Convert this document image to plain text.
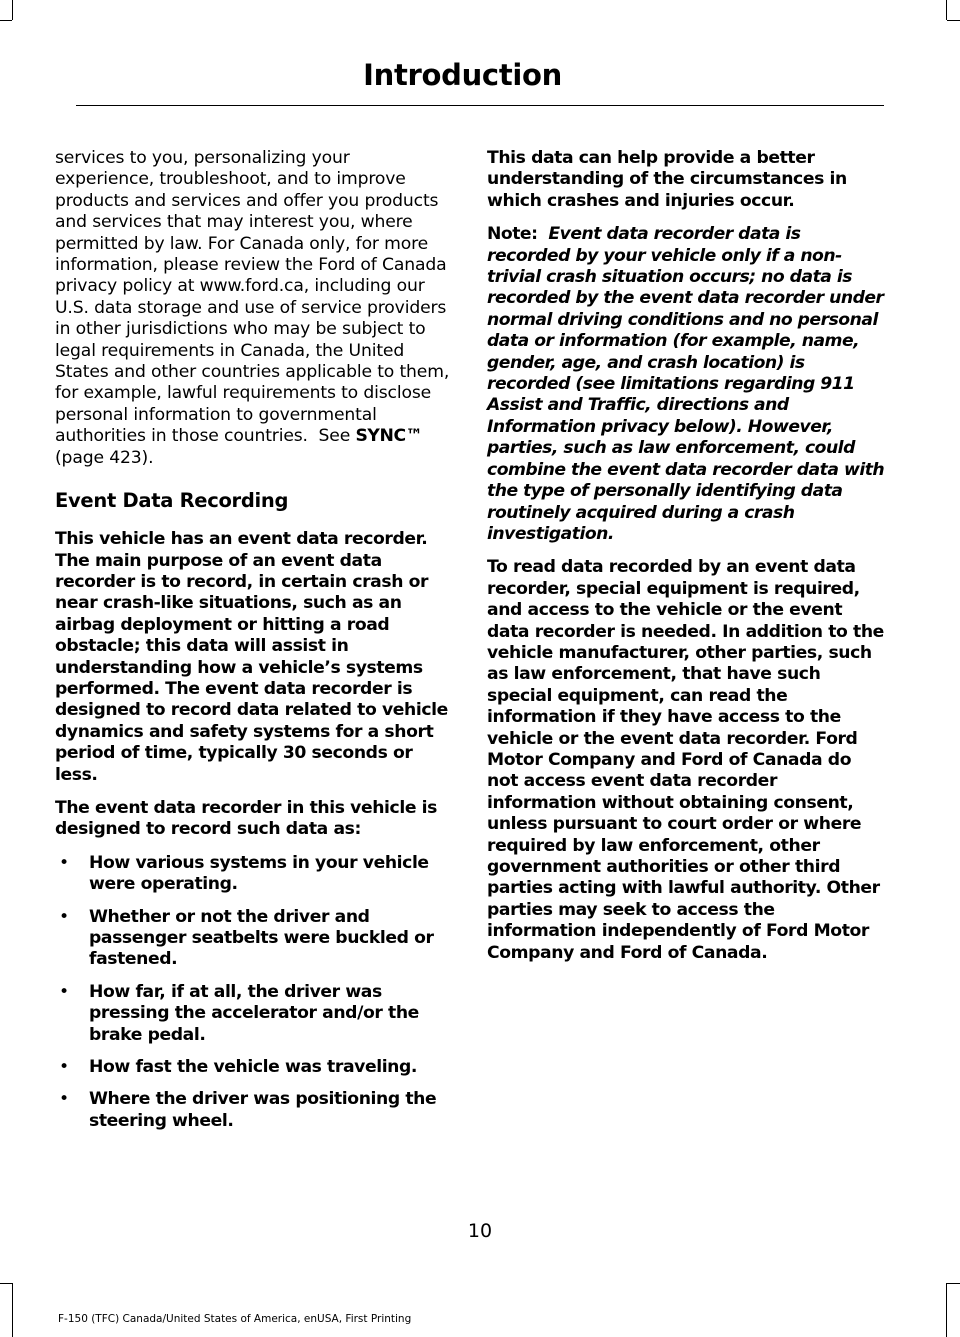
Introduction

services to you, personalizing your experience, troubleshoot, and to improve products and services and offer you products and services that may interest you, where permitted by law. For Canada only, for more information, please review the Ford of Canada privacy policy at www.ford.ca, including our U.S. data storage and use of service providers in other jurisdictions who may be subject to legal requirements in Canada, the United States and other countries applicable to them, for example, lawful requirements to disclose personal information to governmental authorities in those countries. See SYNC™ (page 423).

Event Data Recording

This vehicle has an event data recorder. The main purpose of an event data recorder is to record, in certain crash or near crash-like situations, such as an airbag deployment or hitting a road obstacle; this data will assist in understanding how a vehicle’s systems performed. The event data recorder is designed to record data related to vehicle dynamics and safety systems for a short period of time, typically 30 seconds or less.

The event data recorder in this vehicle is designed to record such data as:

• How various systems in your vehicle were operating.
• Whether or not the driver and passenger seatbelts were buckled or fastened.
• How far, if at all, the driver was pressing the accelerator and/or the brake pedal.
• How fast the vehicle was traveling.
• Where the driver was positioning the steering wheel.

This data can help provide a better understanding of the circumstances in which crashes and injuries occur.

Note: Event data recorder data is recorded by your vehicle only if a non-trivial crash situation occurs; no data is recorded by the event data recorder under normal driving conditions and no personal data or information (for example, name, gender, age, and crash location) is recorded (see limitations regarding 911 Assist and Traffic, directions and Information privacy below). However, parties, such as law enforcement, could combine the event data recorder data with the type of personally identifying data routinely acquired during a crash investigation.

To read data recorded by an event data recorder, special equipment is required, and access to the vehicle or the event data recorder is needed. In addition to the vehicle manufacturer, other parties, such as law enforcement, that have such special equipment, can read the information if they have access to the vehicle or the event data recorder. Ford Motor Company and Ford of Canada do not access event data recorder information without obtaining consent, unless pursuant to court order or where required by law enforcement, other government authorities or other third parties acting with lawful authority. Other parties may seek to access the information independently of Ford Motor Company and Ford of Canada.

10
F-150 (TFC) Canada/United States of America, enUSA, First Printing
